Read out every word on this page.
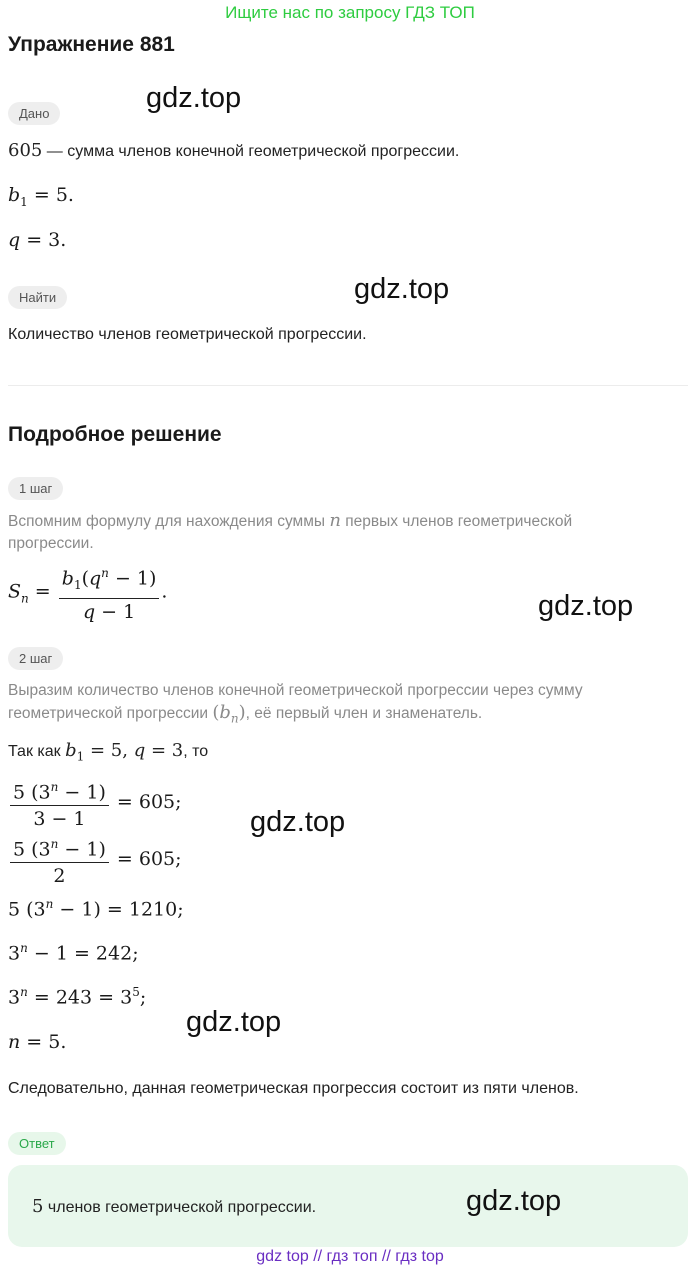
Ищите нас по запросу ГДЗ ТОП
Упражнение 881
Дано	gdz.top
605 — сумма членов конечной геометрической прогрессии.
$b_1 = 5$.
q = 3.
Найти	gdz.top
Количество членов геометрической прогрессии.
Подробное решение
1 шаг
Вспомним формулу для нахождения суммы n первых членов геометрической прогрессии.
$S_n = \frac{b_1(q^n - 1)}{q - 1}$ .	gdz.top
2 шаг
Выразим количество членов конечной геометрической прогрессии через сумму геометрической прогрессии $(b_n)$, её первый член и знаменатель.
Так как $b_1 = 5$, q = 3, то
$\frac{5 (3^n - 1)}{3 - 1} = 605$;
gdz.top
$\frac{5 (3^n - 1)}{2} = 605$;
5 $(3^n - 1) = 1210$;
$3^n - 1 = 242$;
$3^n = 243 = 3^5$;
gdz.top
n = 5.
Следовательно, данная геометрическая прогрессия состоит из пяти членов.
Ответ
5 членов геометрической прогрессии.	gdz.top
gdz top // гдз топ // гдз top
